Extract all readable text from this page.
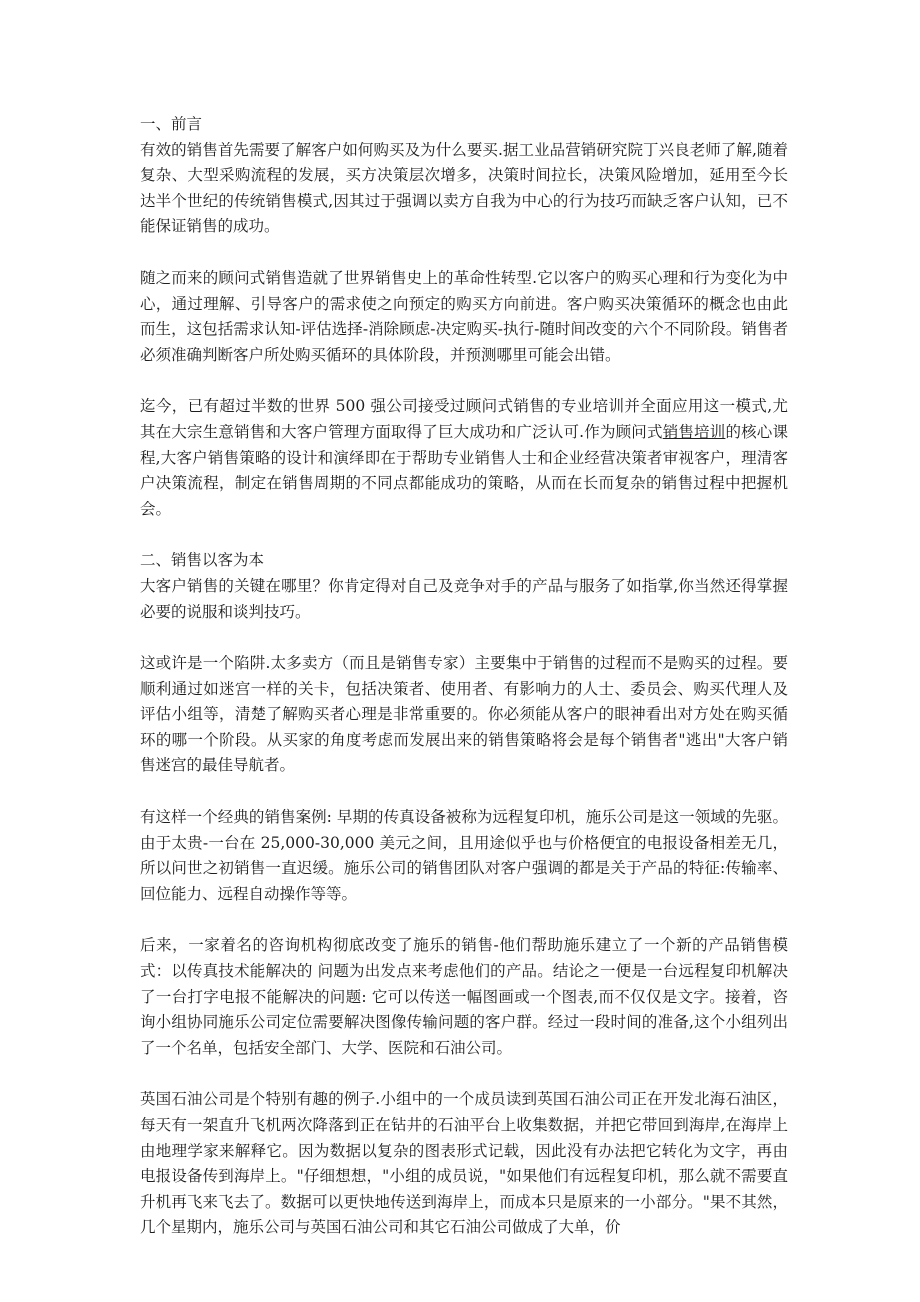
一、前言

有效的销售首先需要了解客户如何购买及为什么要买.据工业品营销研究院丁兴良老师了解,随着复杂、大型采购流程的发展，买方决策层次增多，决策时间拉长，决策风险增加，延用至今长达半个世纪的传统销售模式,因其过于强调以卖方自我为中心的行为技巧而缺乏客户认知，已不能保证销售的成功。

随之而来的顾问式销售造就了世界销售史上的革命性转型.它以客户的购买心理和行为变化为中心，通过理解、引导客户的需求使之向预定的购买方向前进。客户购买决策循环的概念也由此而生，这包括需求认知-评估选择-消除顾虑-决定购买-执行-随时间改变的六个不同阶段。销售者必须准确判断客户所处购买循环的具体阶段，并预测哪里可能会出错。

迄今，已有超过半数的世界 500 强公司接受过顾问式销售的专业培训并全面应用这一模式,尤其在大宗生意销售和大客户管理方面取得了巨大成功和广泛认可.作为顾问式销售培训的核心课程,大客户销售策略的设计和演绎即在于帮助专业销售人士和企业经营决策者审视客户，理清客户决策流程，制定在销售周期的不同点都能成功的策略，从而在长而复杂的销售过程中把握机会。

二、销售以客为本

大客户销售的关键在哪里？你肯定得对自己及竞争对手的产品与服务了如指掌,你当然还得掌握必要的说服和谈判技巧。

这或许是一个陷阱.太多卖方（而且是销售专家）主要集中于销售的过程而不是购买的过程。要顺利通过如迷宫一样的关卡，包括决策者、使用者、有影响力的人士、委员会、购买代理人及评估小组等，清楚了解购买者心理是非常重要的。你必须能从客户的眼神看出对方处在购买循环的哪一个阶段。从买家的角度考虑而发展出来的销售策略将会是每个销售者"逃出"大客户销售迷宫的最佳导航者。

有这样一个经典的销售案例: 早期的传真设备被称为远程复印机，施乐公司是这一领域的先驱。由于太贵-一台在 25,000-30,000 美元之间，且用途似乎也与价格便宜的电报设备相差无几，所以问世之初销售一直迟缓。施乐公司的销售团队对客户强调的都是关于产品的特征:传输率、回位能力、远程自动操作等等。

后来，一家着名的咨询机构彻底改变了施乐的销售-他们帮助施乐建立了一个新的产品销售模式：以传真技术能解决的 问题为出发点来考虑他们的产品。结论之一便是一台远程复印机解决了一台打字电报不能解决的问题: 它可以传送一幅图画或一个图表,而不仅仅是文字。接着，咨询小组协同施乐公司定位需要解决图像传输问题的客户群。经过一段时间的准备,这个小组列出了一个名单，包括安全部门、大学、医院和石油公司。

英国石油公司是个特别有趣的例子.小组中的一个成员读到英国石油公司正在开发北海石油区，每天有一架直升飞机两次降落到正在钻井的石油平台上收集数据，并把它带回到海岸,在海岸上由地理学家来解释它。因为数据以复杂的图表形式记载，因此没有办法把它转化为文字，再由电报设备传到海岸上。"仔细想想，"小组的成员说，"如果他们有远程复印机，那么就不需要直升机再飞来飞去了。数据可以更快地传送到海岸上，而成本只是原来的一小部分。"果不其然，几个星期内，施乐公司与英国石油公司和其它石油公司做成了大单，价
